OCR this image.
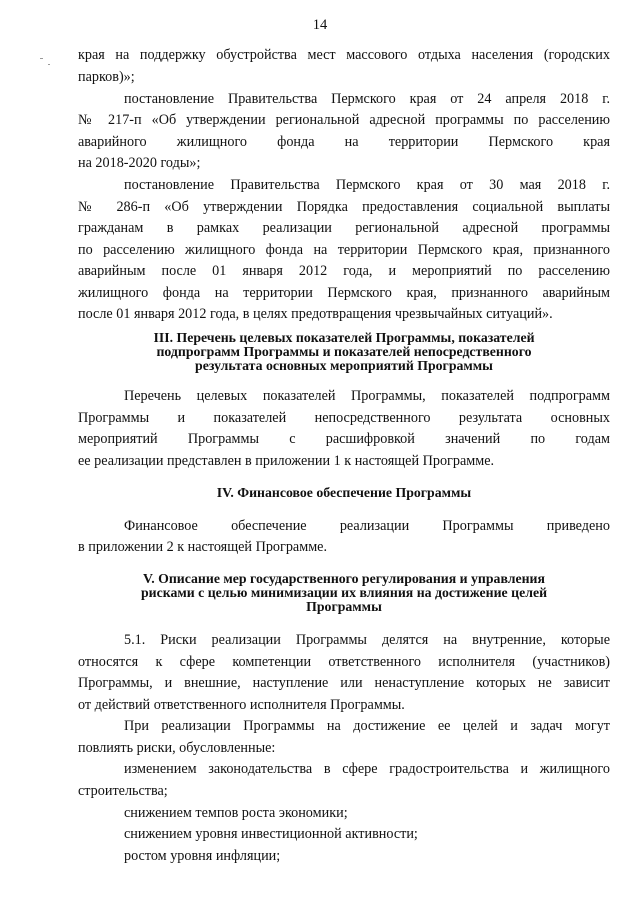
14
края на поддержку обустройства мест массового отдыха населения (городских
парков)»;
постановление Правительства Пермского края от 24 апреля 2018 г.
№ 217-п «Об утверждении региональной адресной программы по расселению
аварийного жилищного фонда на территории Пермского края
на 2018-2020 годы»;
постановление Правительства Пермского края от 30 мая 2018 г.
№ 286-п «Об утверждении Порядка предоставления социальной выплаты
гражданам в рамках реализации региональной адресной программы
по расселению жилищного фонда на территории Пермского края, признанного
аварийным после 01 января 2012 года, и мероприятий по расселению
жилищного фонда на территории Пермского края, признанного аварийным
после 01 января 2012 года, в целях предотвращения чрезвычайных ситуаций».
III. Перечень целевых показателей Программы, показателей
подпрограмм Программы и показателей непосредственного
результата основных мероприятий Программы
Перечень целевых показателей Программы, показателей подпрограмм
Программы и показателей непосредственного результата основных
мероприятий Программы с расшифровкой значений по годам
ее реализации представлен в приложении 1 к настоящей Программе.
IV. Финансовое обеспечение Программы
Финансовое обеспечение реализации Программы приведено
в приложении 2 к настоящей Программе.
V. Описание мер государственного регулирования и управления
рисками с целью минимизации их влияния на достижение целей
Программы
5.1. Риски реализации Программы делятся на внутренние, которые
относятся к сфере компетенции ответственного исполнителя (участников)
Программы, и внешние, наступление или ненаступление которых не зависит
от действий ответственного исполнителя Программы.
При реализации Программы на достижение ее целей и задач могут
повлиять риски, обусловленные:
изменением законодательства в сфере градостроительства и жилищного
строительства;
снижением темпов роста экономики;
снижением уровня инвестиционной активности;
ростом уровня инфляции;
